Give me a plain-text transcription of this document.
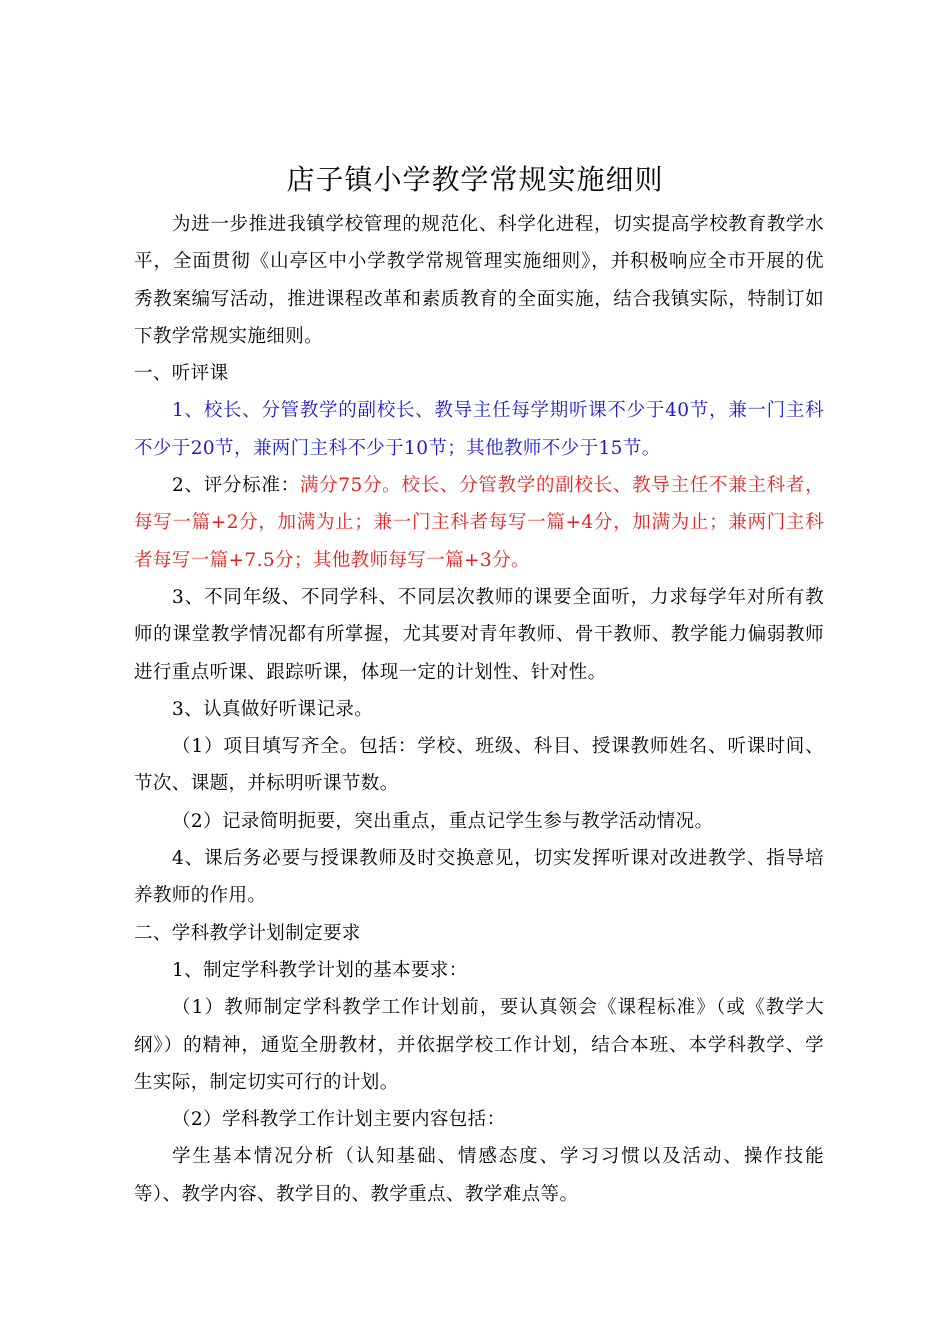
店子镇小学教学常规实施细则

为进一步推进我镇学校管理的规范化、科学化进程，切实提高学校教育教学水平，全面贯彻《山亭区中小学教学常规管理实施细则》，并积极响应全市开展的优秀教案编写活动，推进课程改革和素质教育的全面实施，结合我镇实际，特制订如下教学常规实施细则。

一、听评课

1、校长、分管教学的副校长、教导主任每学期听课不少于40节，兼一门主科不少于20节，兼两门主科不少于10节；其他教师不少于15节。

2、评分标准：满分75分。校长、分管教学的副校长、教导主任不兼主科者，每写一篇+2分，加满为止；兼一门主科者每写一篇+4分，加满为止；兼两门主科者每写一篇+7.5分；其他教师每写一篇+3分。

3、不同年级、不同学科、不同层次教师的课要全面听，力求每学年对所有教师的课堂教学情况都有所掌握，尤其要对青年教师、骨干教师、教学能力偏弱教师进行重点听课、跟踪听课，体现一定的计划性、针对性。

3、认真做好听课记录。

（1）项目填写齐全。包括：学校、班级、科目、授课教师姓名、听课时间、节次、课题，并标明听课节数。

（2）记录简明扼要，突出重点，重点记学生参与教学活动情况。

4、课后务必要与授课教师及时交换意见，切实发挥听课对改进教学、指导培养教师的作用。

二、学科教学计划制定要求

1、制定学科教学计划的基本要求：

（1）教师制定学科教学工作计划前，要认真领会《课程标准》（或《教学大纲》）的精神，通览全册教材，并依据学校工作计划，结合本班、本学科教学、学生实际，制定切实可行的计划。

（2）学科教学工作计划主要内容包括：

学生基本情况分析（认知基础、情感态度、学习习惯以及活动、操作技能等）、教学内容、教学目的、教学重点、教学难点等。
